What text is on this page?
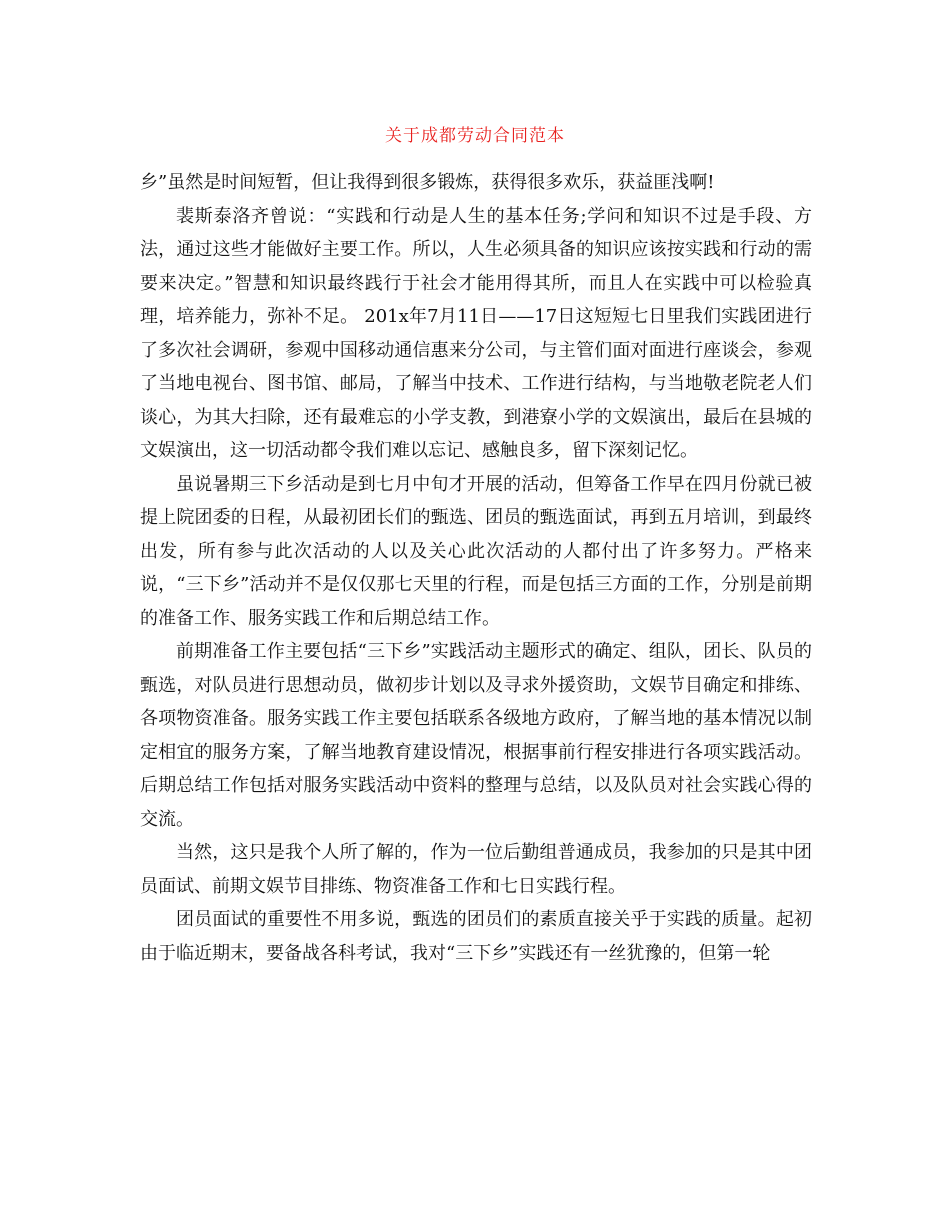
关于成都劳动合同范本

乡”虽然是时间短暂，但让我得到很多锻炼，获得很多欢乐，获益匪浅啊!

裴斯泰洛齐曾说：“实践和行动是人生的基本任务;学问和知识不过是手段、方法，通过这些才能做好主要工作。所以，人生必须具备的知识应该按实践和行动的需要来决定。”智慧和知识最终践行于社会才能用得其所，而且人在实践中可以检验真理，培养能力，弥补不足。 201x年7月11日——17日这短短七日里我们实践团进行了多次社会调研，参观中国移动通信惠来分公司，与主管们面对面进行座谈会，参观了当地电视台、图书馆、邮局，了解当中技术、工作进行结构，与当地敬老院老人们谈心，为其大扫除，还有最难忘的小学支教，到港寮小学的文娱演出，最后在县城的文娱演出，这一切活动都令我们难以忘记、感触良多，留下深刻记忆。

虽说暑期三下乡活动是到七月中旬才开展的活动，但筹备工作早在四月份就已被提上院团委的日程，从最初团长们的甄选、团员的甄选面试，再到五月培训，到最终出发，所有参与此次活动的人以及关心此次活动的人都付出了许多努力。严格来说，“三下乡”活动并不是仅仅那七天里的行程，而是包括三方面的工作，分别是前期的准备工作、服务实践工作和后期总结工作。

前期准备工作主要包括“三下乡”实践活动主题形式的确定、组队，团长、队员的甄选，对队员进行思想动员，做初步计划以及寻求外援资助，文娱节目确定和排练、各项物资准备。服务实践工作主要包括联系各级地方政府，了解当地的基本情况以制定相宜的服务方案，了解当地教育建设情况，根据事前行程安排进行各项实践活动。后期总结工作包括对服务实践活动中资料的整理与总结，以及队员对社会实践心得的交流。

当然，这只是我个人所了解的，作为一位后勤组普通成员，我参加的只是其中团员面试、前期文娱节目排练、物资准备工作和七日实践行程。

团员面试的重要性不用多说，甄选的团员们的素质直接关乎于实践的质量。起初由于临近期末，要备战各科考试，我对“三下乡”实践还有一丝犹豫的，但第一轮
